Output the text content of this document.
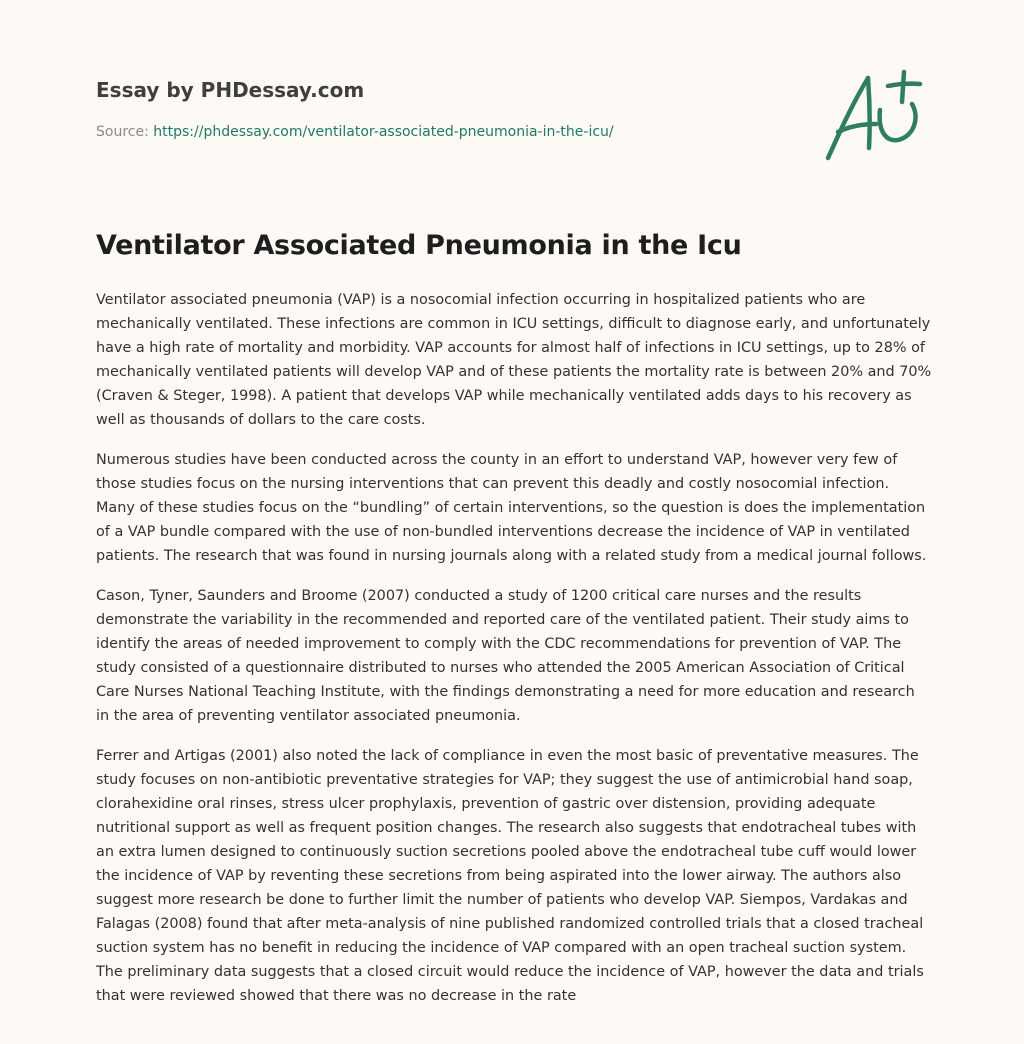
Essay by PHDessay.com
Source: https://phdessay.com/ventilator-associated-pneumonia-in-the-icu/
Ventilator Associated Pneumonia in the Icu

Ventilator associated pneumonia (VAP) is a nosocomial infection occurring in hospitalized patients who are mechanically ventilated. These infections are common in ICU settings, difficult to diagnose early, and unfortunately have a high rate of mortality and morbidity. VAP accounts for almost half of infections in ICU settings, up to 28% of mechanically ventilated patients will develop VAP and of these patients the mortality rate is between 20% and 70% (Craven & Steger, 1998). A patient that develops VAP while mechanically ventilated adds days to his recovery as well as thousands of dollars to the care costs.

Numerous studies have been conducted across the county in an effort to understand VAP, however very few of those studies focus on the nursing interventions that can prevent this deadly and costly nosocomial infection. Many of these studies focus on the “bundling” of certain interventions, so the question is does the implementation of a VAP bundle compared with the use of non-bundled interventions decrease the incidence of VAP in ventilated patients. The research that was found in nursing journals along with a related study from a medical journal follows.

Cason, Tyner, Saunders and Broome (2007) conducted a study of 1200 critical care nurses and the results demonstrate the variability in the recommended and reported care of the ventilated patient. Their study aims to identify the areas of needed improvement to comply with the CDC recommendations for prevention of VAP. The study consisted of a questionnaire distributed to nurses who attended the 2005 American Association of Critical Care Nurses National Teaching Institute, with the findings demonstrating a need for more education and research in the area of preventing ventilator associated pneumonia.

Ferrer and Artigas (2001) also noted the lack of compliance in even the most basic of preventative measures. The study focuses on non-antibiotic preventative strategies for VAP; they suggest the use of antimicrobial hand soap, clorahexidine oral rinses, stress ulcer prophylaxis, prevention of gastric over distension, providing adequate nutritional support as well as frequent position changes. The research also suggests that endotracheal tubes with an extra lumen designed to continuously suction secretions pooled above the endotracheal tube cuff would lower the incidence of VAP by reventing these secretions from being aspirated into the lower airway. The authors also suggest more research be done to further limit the number of patients who develop VAP. Siempos, Vardakas and Falagas (2008) found that after meta-analysis of nine published randomized controlled trials that a closed tracheal suction system has no benefit in reducing the incidence of VAP compared with an open tracheal suction system. The preliminary data suggests that a closed circuit would reduce the incidence of VAP, however the data and trials that were reviewed showed that there was no decrease in the rate
